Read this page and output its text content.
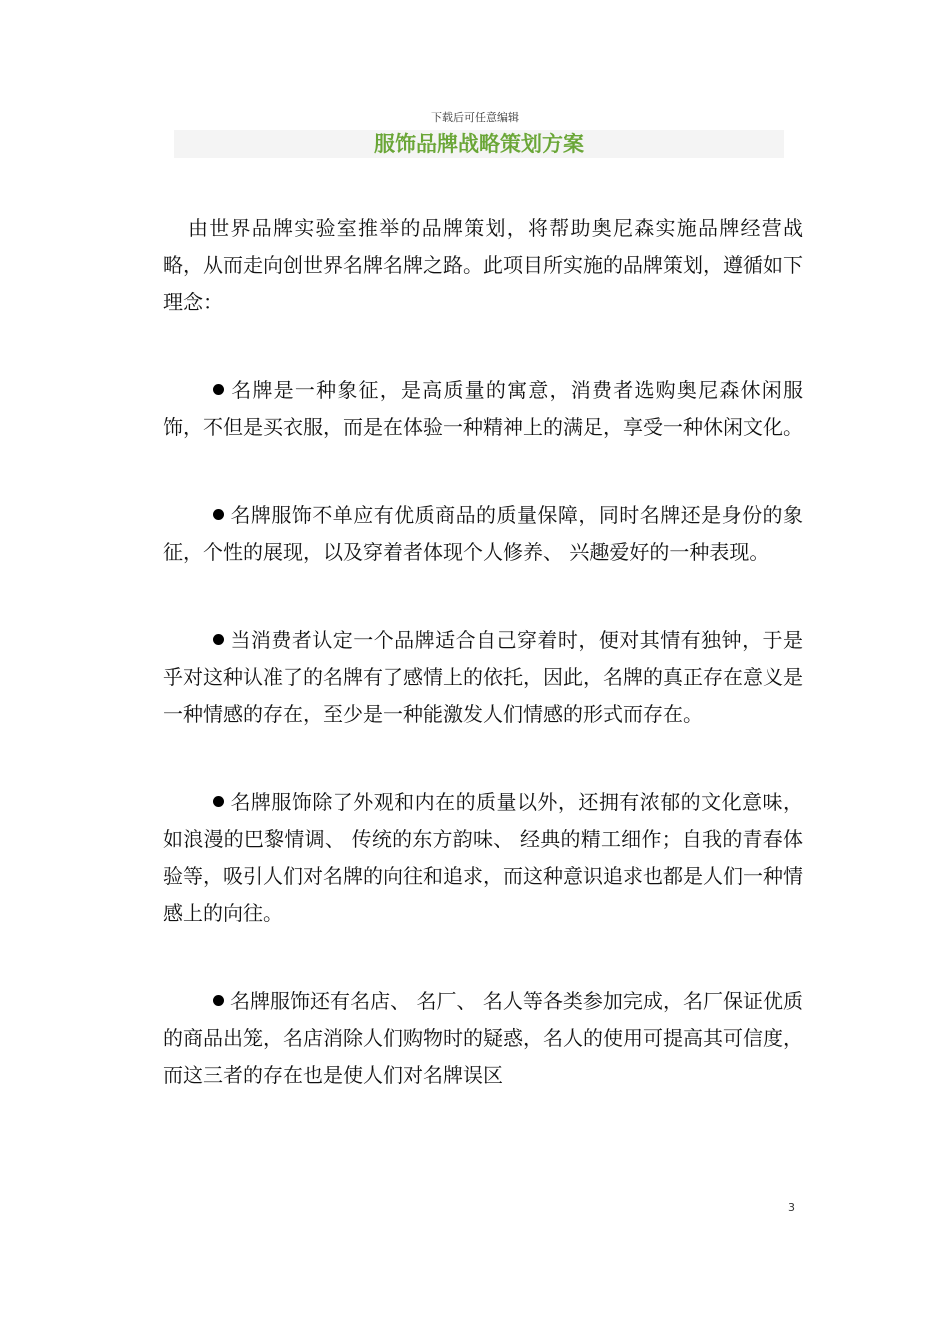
下载后可任意编辑
服饰品牌战略策划方案

由世界品牌实验室推举的品牌策划，将帮助奥尼森实施品牌经营战略，从而走向创世界名牌名牌之路。此项目所实施的品牌策划，遵循如下理念：

名牌是一种象征，是高质量的寓意，消费者选购奥尼森休闲服饰，不但是买衣服，而是在体验一种精神上的满足，享受一种休闲文化。

名牌服饰不单应有优质商品的质量保障，同时名牌还是身份的象征，个性的展现，以及穿着者体现个人修养、 兴趣爱好的一种表现。

当消费者认定一个品牌适合自己穿着时，便对其情有独钟，于是乎对这种认准了的名牌有了感情上的依托，因此，名牌的真正存在意义是一种情感的存在，至少是一种能激发人们情感的形式而存在。

名牌服饰除了外观和内在的质量以外，还拥有浓郁的文化意味，如浪漫的巴黎情调、 传统的东方韵味、 经典的精工细作；自我的青春体验等，吸引人们对名牌的向往和追求，而这种意识追求也都是人们一种情感上的向往。

名牌服饰还有名店、 名厂、 名人等各类参加完成，名厂保证优质的商品出笼，名店消除人们购物时的疑惑，名人的使用可提高其可信度，而这三者的存在也是使人们对名牌误区

3
